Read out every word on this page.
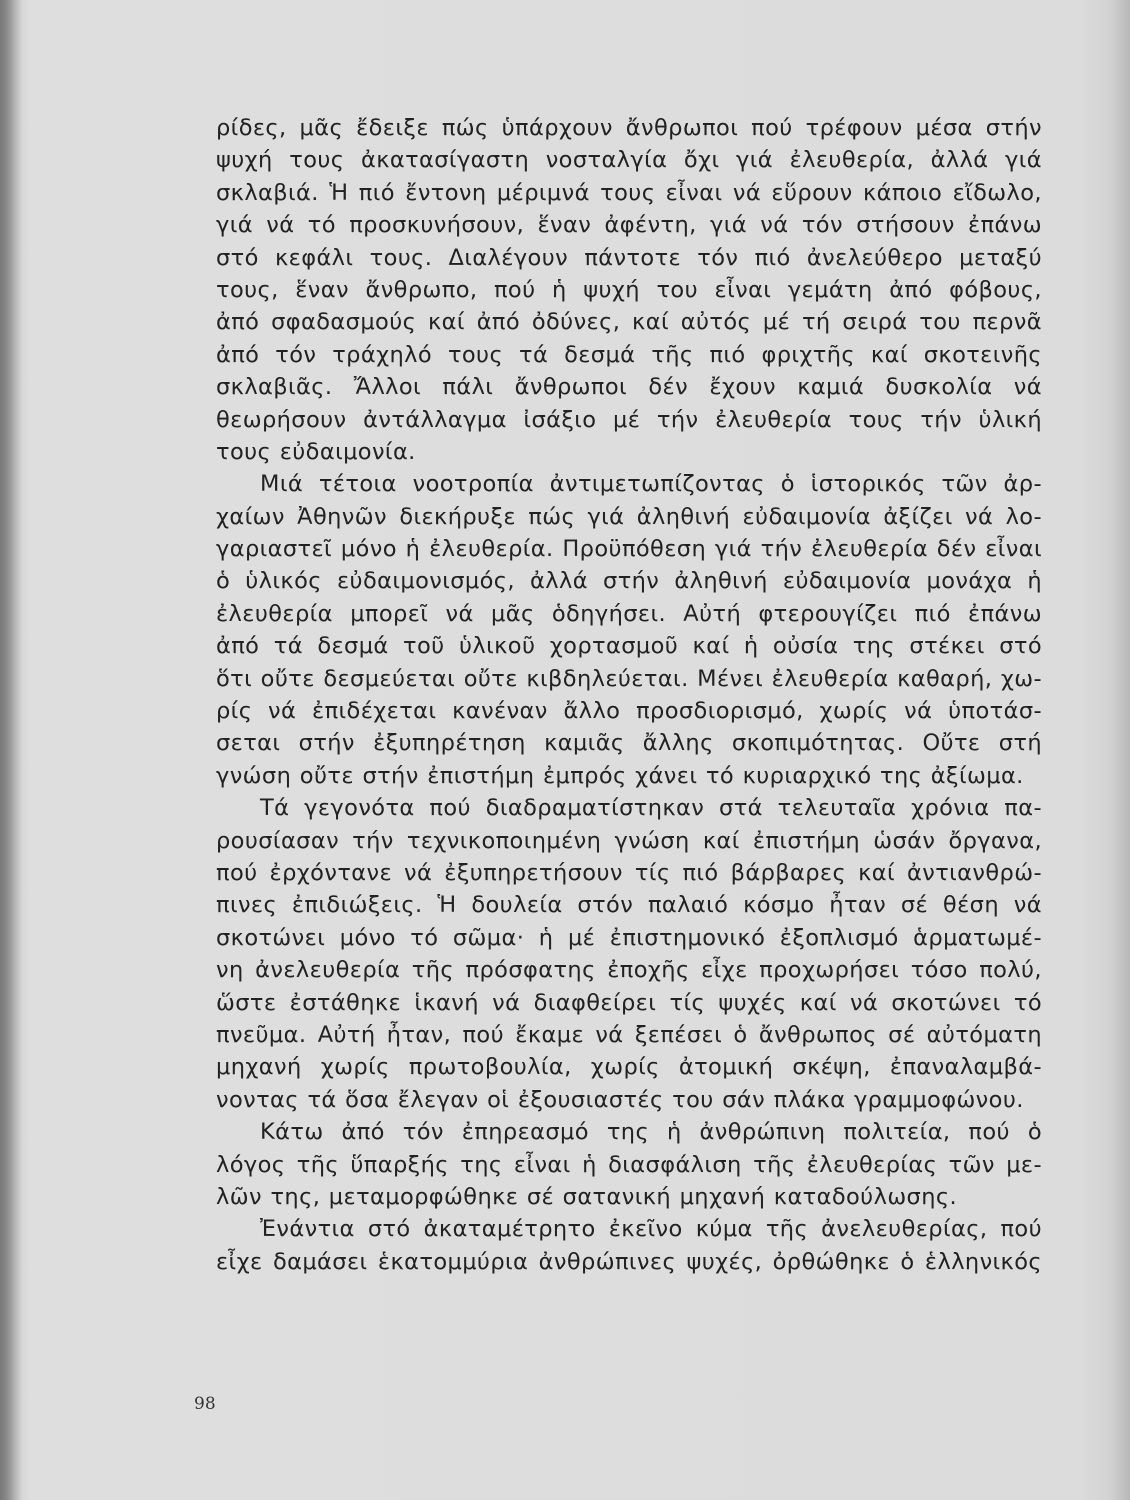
ρίδες, μᾶς ἔδειξε πώς ὑπάρχουν ἄνθρωποι πού τρέφουν μέσα στήν
ψυχή τους ἀκατασίγαστη νοσταλγία ὄχι γιά ἐλευθερία, ἀλλά γιά
σκλαβιά. Ἡ πιό ἔντονη μέριμνά τους εἶναι νά εὕρουν κάποιο εἴδωλο,
γιά νά τό προσκυνήσουν, ἕναν ἀφέντη, γιά νά τόν στήσουν ἐπάνω
στό κεφάλι τους. Διαλέγουν πάντοτε τόν πιό ἀνελεύθερο μεταξύ
τους, ἕναν ἄνθρωπο, πού ἡ ψυχή του εἶναι γεμάτη ἀπό φόβους,
ἀπό σφαδασμούς καί ἀπό ὀδύνες, καί αὐτός μέ τή σειρά του περνᾶ
ἀπό τόν τράχηλό τους τά δεσμά τῆς πιό φριχτῆς καί σκοτεινῆς
σκλαβιᾶς. Ἄλλοι πάλι ἄνθρωποι δέν ἔχουν καμιά δυσκολία νά
θεωρήσουν ἀντάλλαγμα ἰσάξιο μέ τήν ἐλευθερία τους τήν ὑλική
τους εὐδαιμονία.
Μιά τέτοια νοοτροπία ἀντιμετωπίζοντας ὁ ἱστορικός τῶν ἀρ-
χαίων Ἀθηνῶν διεκήρυξε πώς γιά ἀληθινή εὐδαιμονία ἀξίζει νά λο-
γαριαστεῖ μόνο ἡ ἐλευθερία. Προϋπόθεση γιά τήν ἐλευθερία δέν εἶναι
ὁ ὑλικός εὐδαιμονισμός, ἀλλά στήν ἀληθινή εὐδαιμονία μονάχα ἡ
ἐλευθερία μπορεῖ νά μᾶς ὁδηγήσει. Αὐτή φτερουγίζει πιό ἐπάνω
ἀπό τά δεσμά τοῦ ὑλικοῦ χορτασμοῦ καί ἡ οὐσία της στέκει στό
ὅτι οὔτε δεσμεύεται οὔτε κιβδηλεύεται. Μένει ἐλευθερία καθαρή, χω-
ρίς νά ἐπιδέχεται κανέναν ἄλλο προσδιορισμό, χωρίς νά ὑποτάσ-
σεται στήν ἐξυπηρέτηση καμιᾶς ἄλλης σκοπιμότητας. Οὔτε στή
γνώση οὔτε στήν ἐπιστήμη ἐμπρός χάνει τό κυριαρχικό της ἀξίωμα.
Τά γεγονότα πού διαδραματίστηκαν στά τελευταῖα χρόνια πα-
ρουσίασαν τήν τεχνικοποιημένη γνώση καί ἐπιστήμη ὡσάν ὄργανα,
πού ἐρχόντανε νά ἐξυπηρετήσουν τίς πιό βάρβαρες καί ἀντιανθρώ-
πινες ἐπιδιώξεις. Ἡ δουλεία στόν παλαιό κόσμο ἦταν σέ θέση νά
σκοτώνει μόνο τό σῶμα· ἡ μέ ἐπιστημονικό ἐξοπλισμό ἁρματωμέ-
νη ἀνελευθερία τῆς πρόσφατης ἐποχῆς εἶχε προχωρήσει τόσο πολύ,
ὥστε ἐστάθηκε ἱκανή νά διαφθείρει τίς ψυχές καί νά σκοτώνει τό
πνεῦμα. Αὐτή ἦταν, πού ἔκαμε νά ξεπέσει ὁ ἄνθρωπος σέ αὐτόματη
μηχανή χωρίς πρωτοβουλία, χωρίς ἀτομική σκέψη, ἐπαναλαμβά-
νοντας τά ὅσα ἔλεγαν οἱ ἐξουσιαστές του σάν πλάκα γραμμοφώνου.
Κάτω ἀπό τόν ἐπηρεασμό της ἡ ἀνθρώπινη πολιτεία, πού ὁ
λόγος τῆς ὕπαρξής της εἶναι ἡ διασφάλιση τῆς ἐλευθερίας τῶν με-
λῶν της, μεταμορφώθηκε σέ σατανική μηχανή καταδούλωσης.
Ἐνάντια στό ἀκαταμέτρητο ἐκεῖνο κύμα τῆς ἀνελευθερίας, πού
εἶχε δαμάσει ἑκατομμύρια ἀνθρώπινες ψυχές, ὀρθώθηκε ὁ ἑλληνικός
98
